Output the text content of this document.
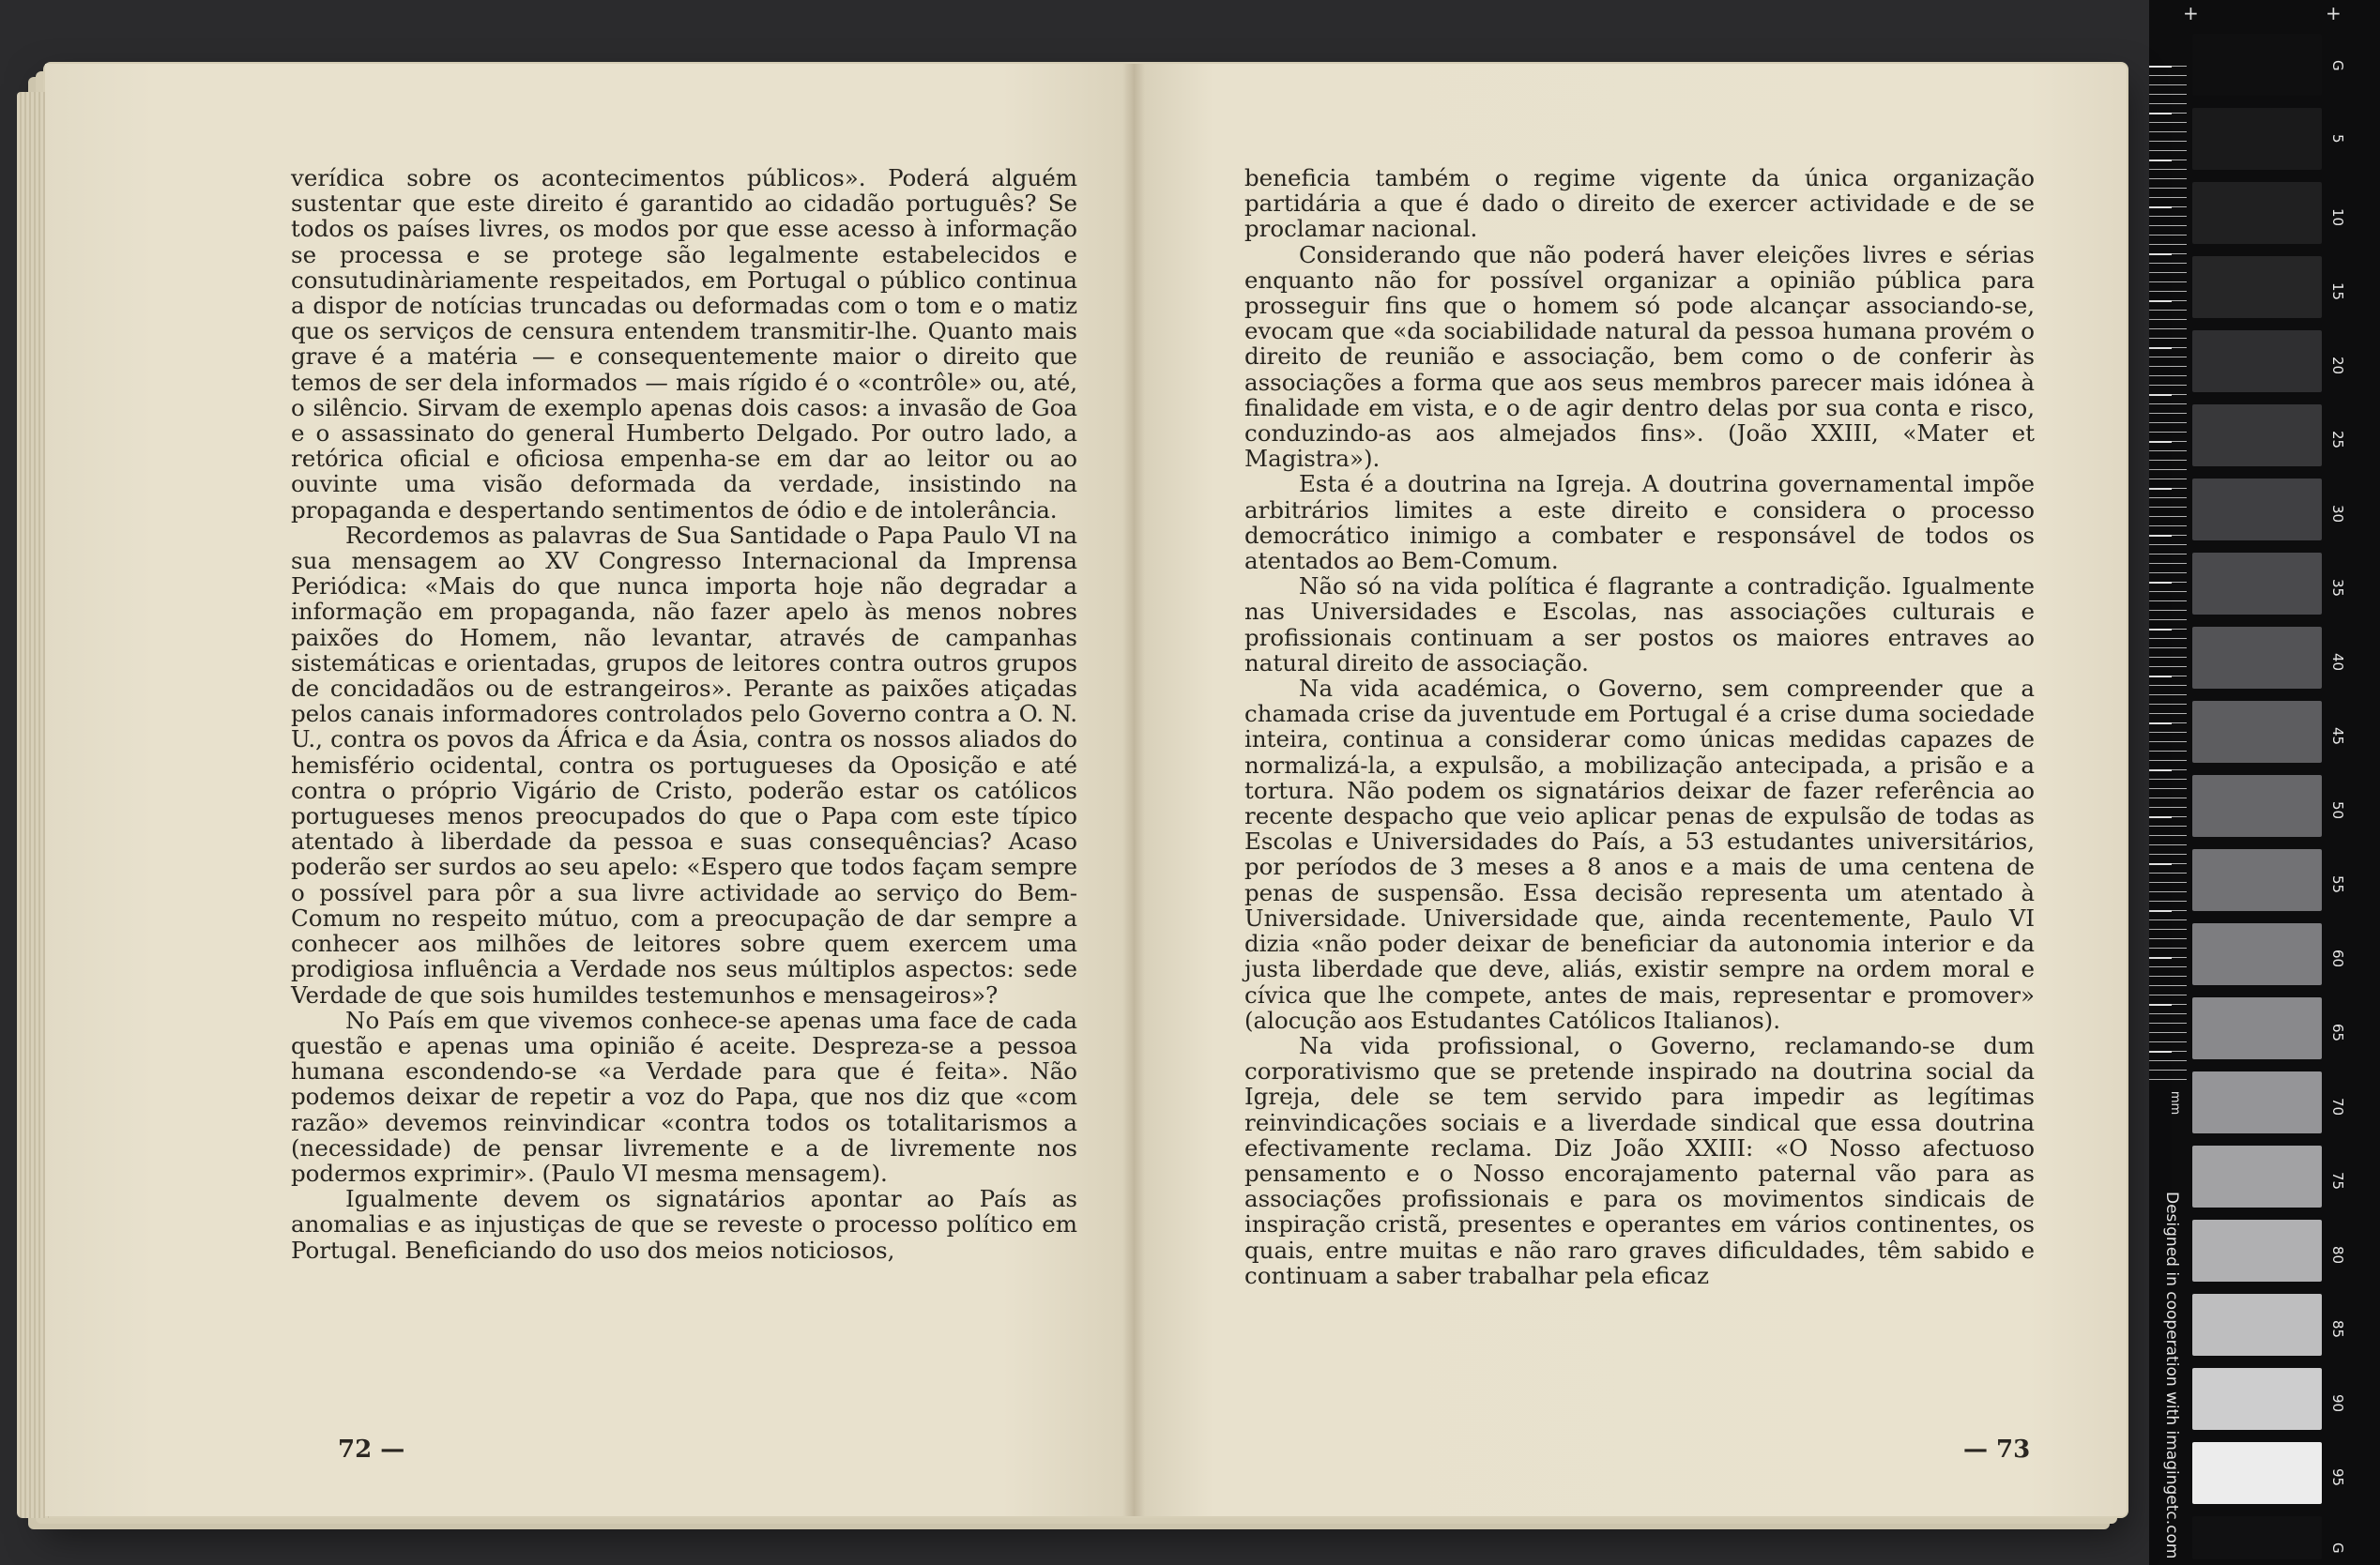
+	+
mm
G
5
10
15
20
25
30
35
40
45
50
55
60
65
70
75
80
85
90
95
G
Designed in cooperation with imagingetc.com

verídica sobre os acontecimentos públicos». Poderá alguém sustentar que este direito é garantido ao cidadão português? Se todos os países livres, os modos por que esse acesso à informação se processa e se protege são legalmente estabelecidos e consutudinàriamente respeitados, em Portugal o público continua a dispor de notícias truncadas ou deformadas com o tom e o matiz que os serviços de censura entendem transmitir-lhe. Quanto mais grave é a matéria — e consequentemente maior o direito que temos de ser dela informados — mais rígido é o «contrôle» ou, até, o silêncio. Sirvam de exemplo apenas dois casos: a invasão de Goa e o assassinato do general Humberto Delgado. Por outro lado, a retórica oficial e oficiosa empenha-se em dar ao leitor ou ao ouvinte uma visão deformada da verdade, insistindo na propaganda e despertando sentimentos de ódio e de intolerância.

Recordemos as palavras de Sua Santidade o Papa Paulo VI na sua mensagem ao XV Congresso Internacional da Imprensa Periódica: «Mais do que nunca importa hoje não degradar a informação em propaganda, não fazer apelo às menos nobres paixões do Homem, não levantar, através de campanhas sistemáticas e orientadas, grupos de leitores contra outros grupos de concidadãos ou de estrangeiros». Perante as paixões atiçadas pelos canais informadores controlados pelo Governo contra a O. N. U., contra os povos da África e da Ásia, contra os nossos aliados do hemisfério ocidental, contra os portugueses da Oposição e até contra o próprio Vigário de Cristo, poderão estar os católicos portugueses menos preocupados do que o Papa com este típico atentado à liberdade da pessoa e suas consequências? Acaso poderão ser surdos ao seu apelo: «Espero que todos façam sempre o possível para pôr a sua livre actividade ao serviço do Bem-Comum no respeito mútuo, com a preocupação de dar sempre a conhecer aos milhões de leitores sobre quem exercem uma prodigiosa influência a Verdade nos seus múltiplos aspectos: sede Verdade de que sois humildes testemunhos e mensageiros»?

No País em que vivemos conhece-se apenas uma face de cada questão e apenas uma opinião é aceite. Despreza-se a pessoa humana escondendo-se «a Verdade para que é feita». Não podemos deixar de repetir a voz do Papa, que nos diz que «com razão» devemos reinvindicar «contra todos os totalitarismos a (necessidade) de pensar livremente e a de livremente nos podermos exprimir». (Paulo VI mesma mensagem).

Igualmente devem os signatários apontar ao País as anomalias e as injustiças de que se reveste o processo político em Portugal. Beneficiando do uso dos meios noticiosos,

72 —

beneficia também o regime vigente da única organização partidária a que é dado o direito de exercer actividade e de se proclamar nacional.

Considerando que não poderá haver eleições livres e sérias enquanto não for possível organizar a opinião pública para prosseguir fins que o homem só pode alcançar associando-se, evocam que «da sociabilidade natural da pessoa humana provém o direito de reunião e associação, bem como o de conferir às associações a forma que aos seus membros parecer mais idónea à finalidade em vista, e o de agir dentro delas por sua conta e risco, conduzindo-as aos almejados fins». (João XXIII, «Mater et Magistra»).

Esta é a doutrina na Igreja. A doutrina governamental impõe arbitrários limites a este direito e considera o processo democrático inimigo a combater e responsável de todos os atentados ao Bem-Comum.

Não só na vida política é flagrante a contradição. Igualmente nas Universidades e Escolas, nas associações culturais e profissionais continuam a ser postos os maiores entraves ao natural direito de associação.

Na vida académica, o Governo, sem compreender que a chamada crise da juventude em Portugal é a crise duma sociedade inteira, continua a considerar como únicas medidas capazes de normalizá-la, a expulsão, a mobilização antecipada, a prisão e a tortura. Não podem os signatários deixar de fazer referência ao recente despacho que veio aplicar penas de expulsão de todas as Escolas e Universidades do País, a 53 estudantes universitários, por períodos de 3 meses a 8 anos e a mais de uma centena de penas de suspensão. Essa decisão representa um atentado à Universidade. Universidade que, ainda recentemente, Paulo VI dizia «não poder deixar de beneficiar da autonomia interior e da justa liberdade que deve, aliás, existir sempre na ordem moral e cívica que lhe compete, antes de mais, representar e promover» (alocução aos Estudantes Católicos Italianos).

Na vida profissional, o Governo, reclamando-se dum corporativismo que se pretende inspirado na doutrina social da Igreja, dele se tem servido para impedir as legítimas reinvindicações sociais e a liverdade sindical que essa doutrina efectivamente reclama. Diz João XXIII: «O Nosso afectuoso pensamento e o Nosso encorajamento paternal vão para as associações profissionais e para os movimentos sindicais de inspiração cristã, presentes e operantes em vários continentes, os quais, entre muitas e não raro graves dificuldades, têm sabido e continuam a saber trabalhar pela eficaz

— 73
